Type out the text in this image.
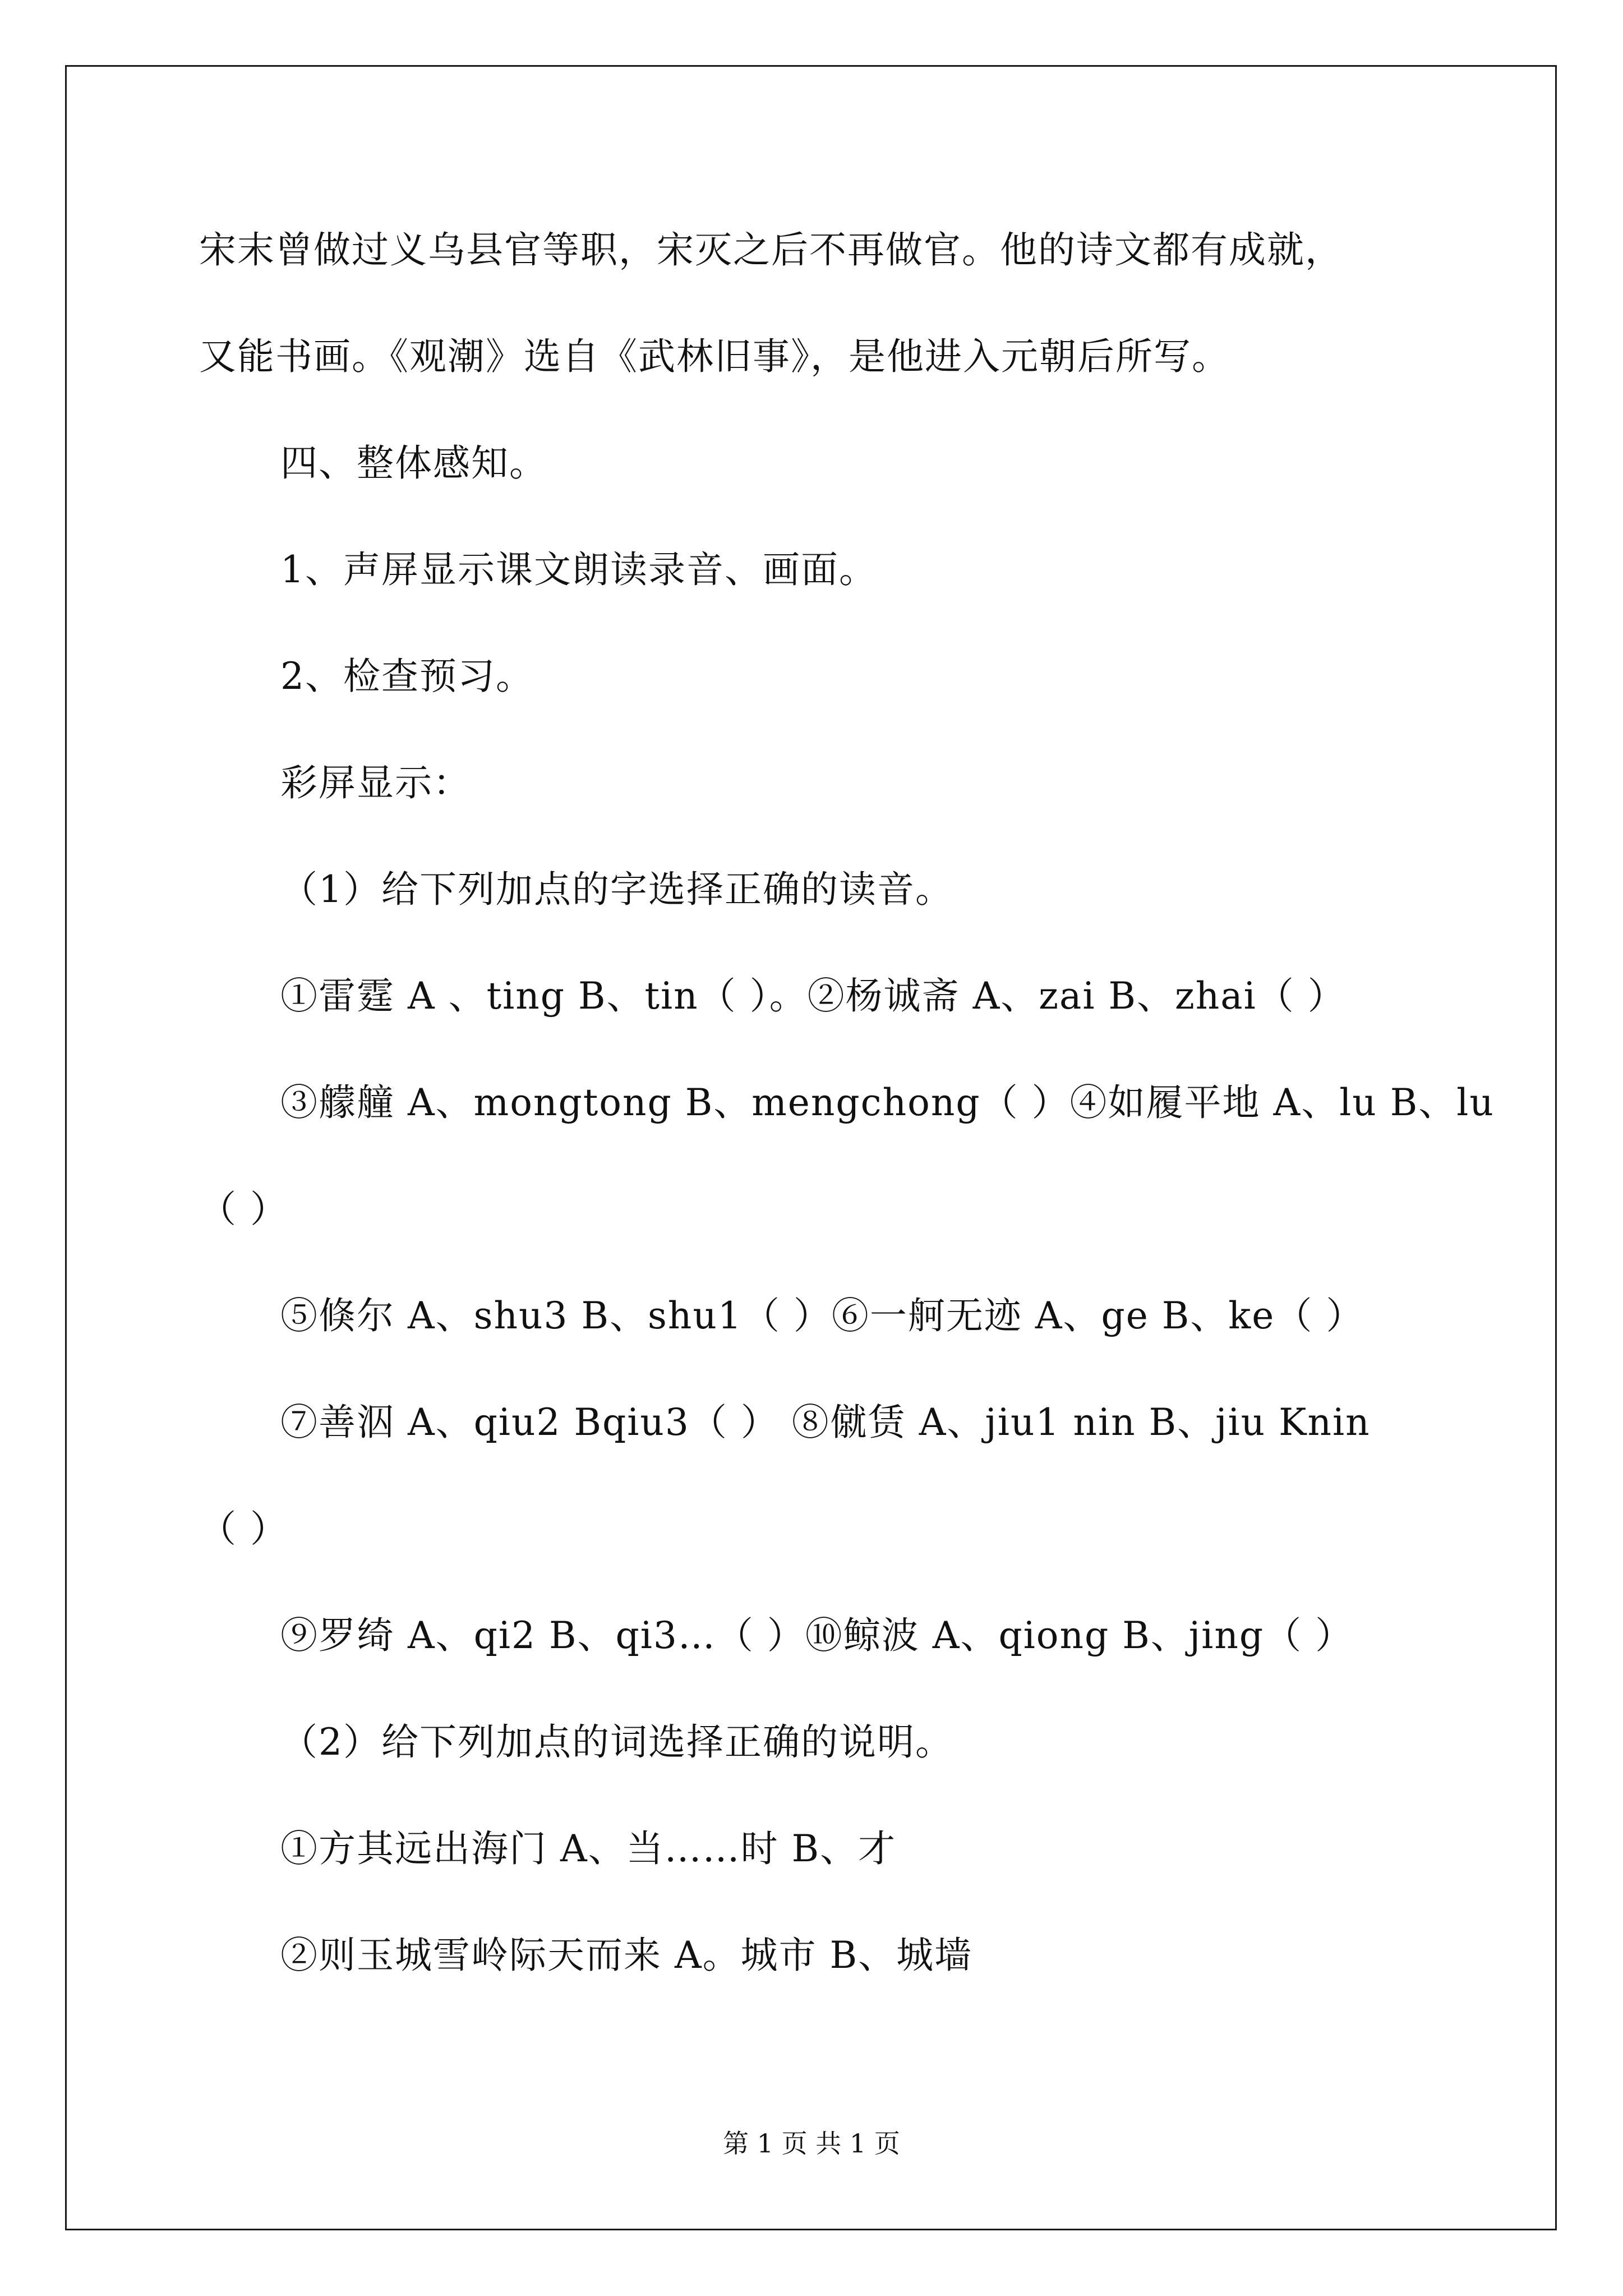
宋末曾做过义乌县官等职，宋灭之后不再做官。他的诗文都有成就，
又能书画。《观潮》选自《武林旧事》，是他进入元朝后所写。
四、整体感知。
1、声屏显示课文朗读录音、画面。
2、检查预习。
彩屏显示：
（1）给下列加点的字选择正确的读音。
①雷霆 A 、ting B、tin（ ）。②杨诚斋 A、zai B、zhai（ ）
③艨艟 A、mongtong B、mengchong（ ）④如履平地 A、lu B、lu
（ ）
⑤倏尔 A、shu3 B、shu1（ ）⑥一舸无迹 A、ge B、ke（ ）
⑦善泅 A、qiu2 Bqiu3（ ） ⑧僦赁 A、jiu1 nin B、jiu Knin
（ ）
⑨罗绮 A、qi2 B、qi3…（ ）⑩鲸波 A、qiong B、jing（ ）
（2）给下列加点的词选择正确的说明。
①方其远出海门 A、当……时 B、才
②则玉城雪岭际天而来 A。城市 B、城墙
第 1 页 共 1 页
